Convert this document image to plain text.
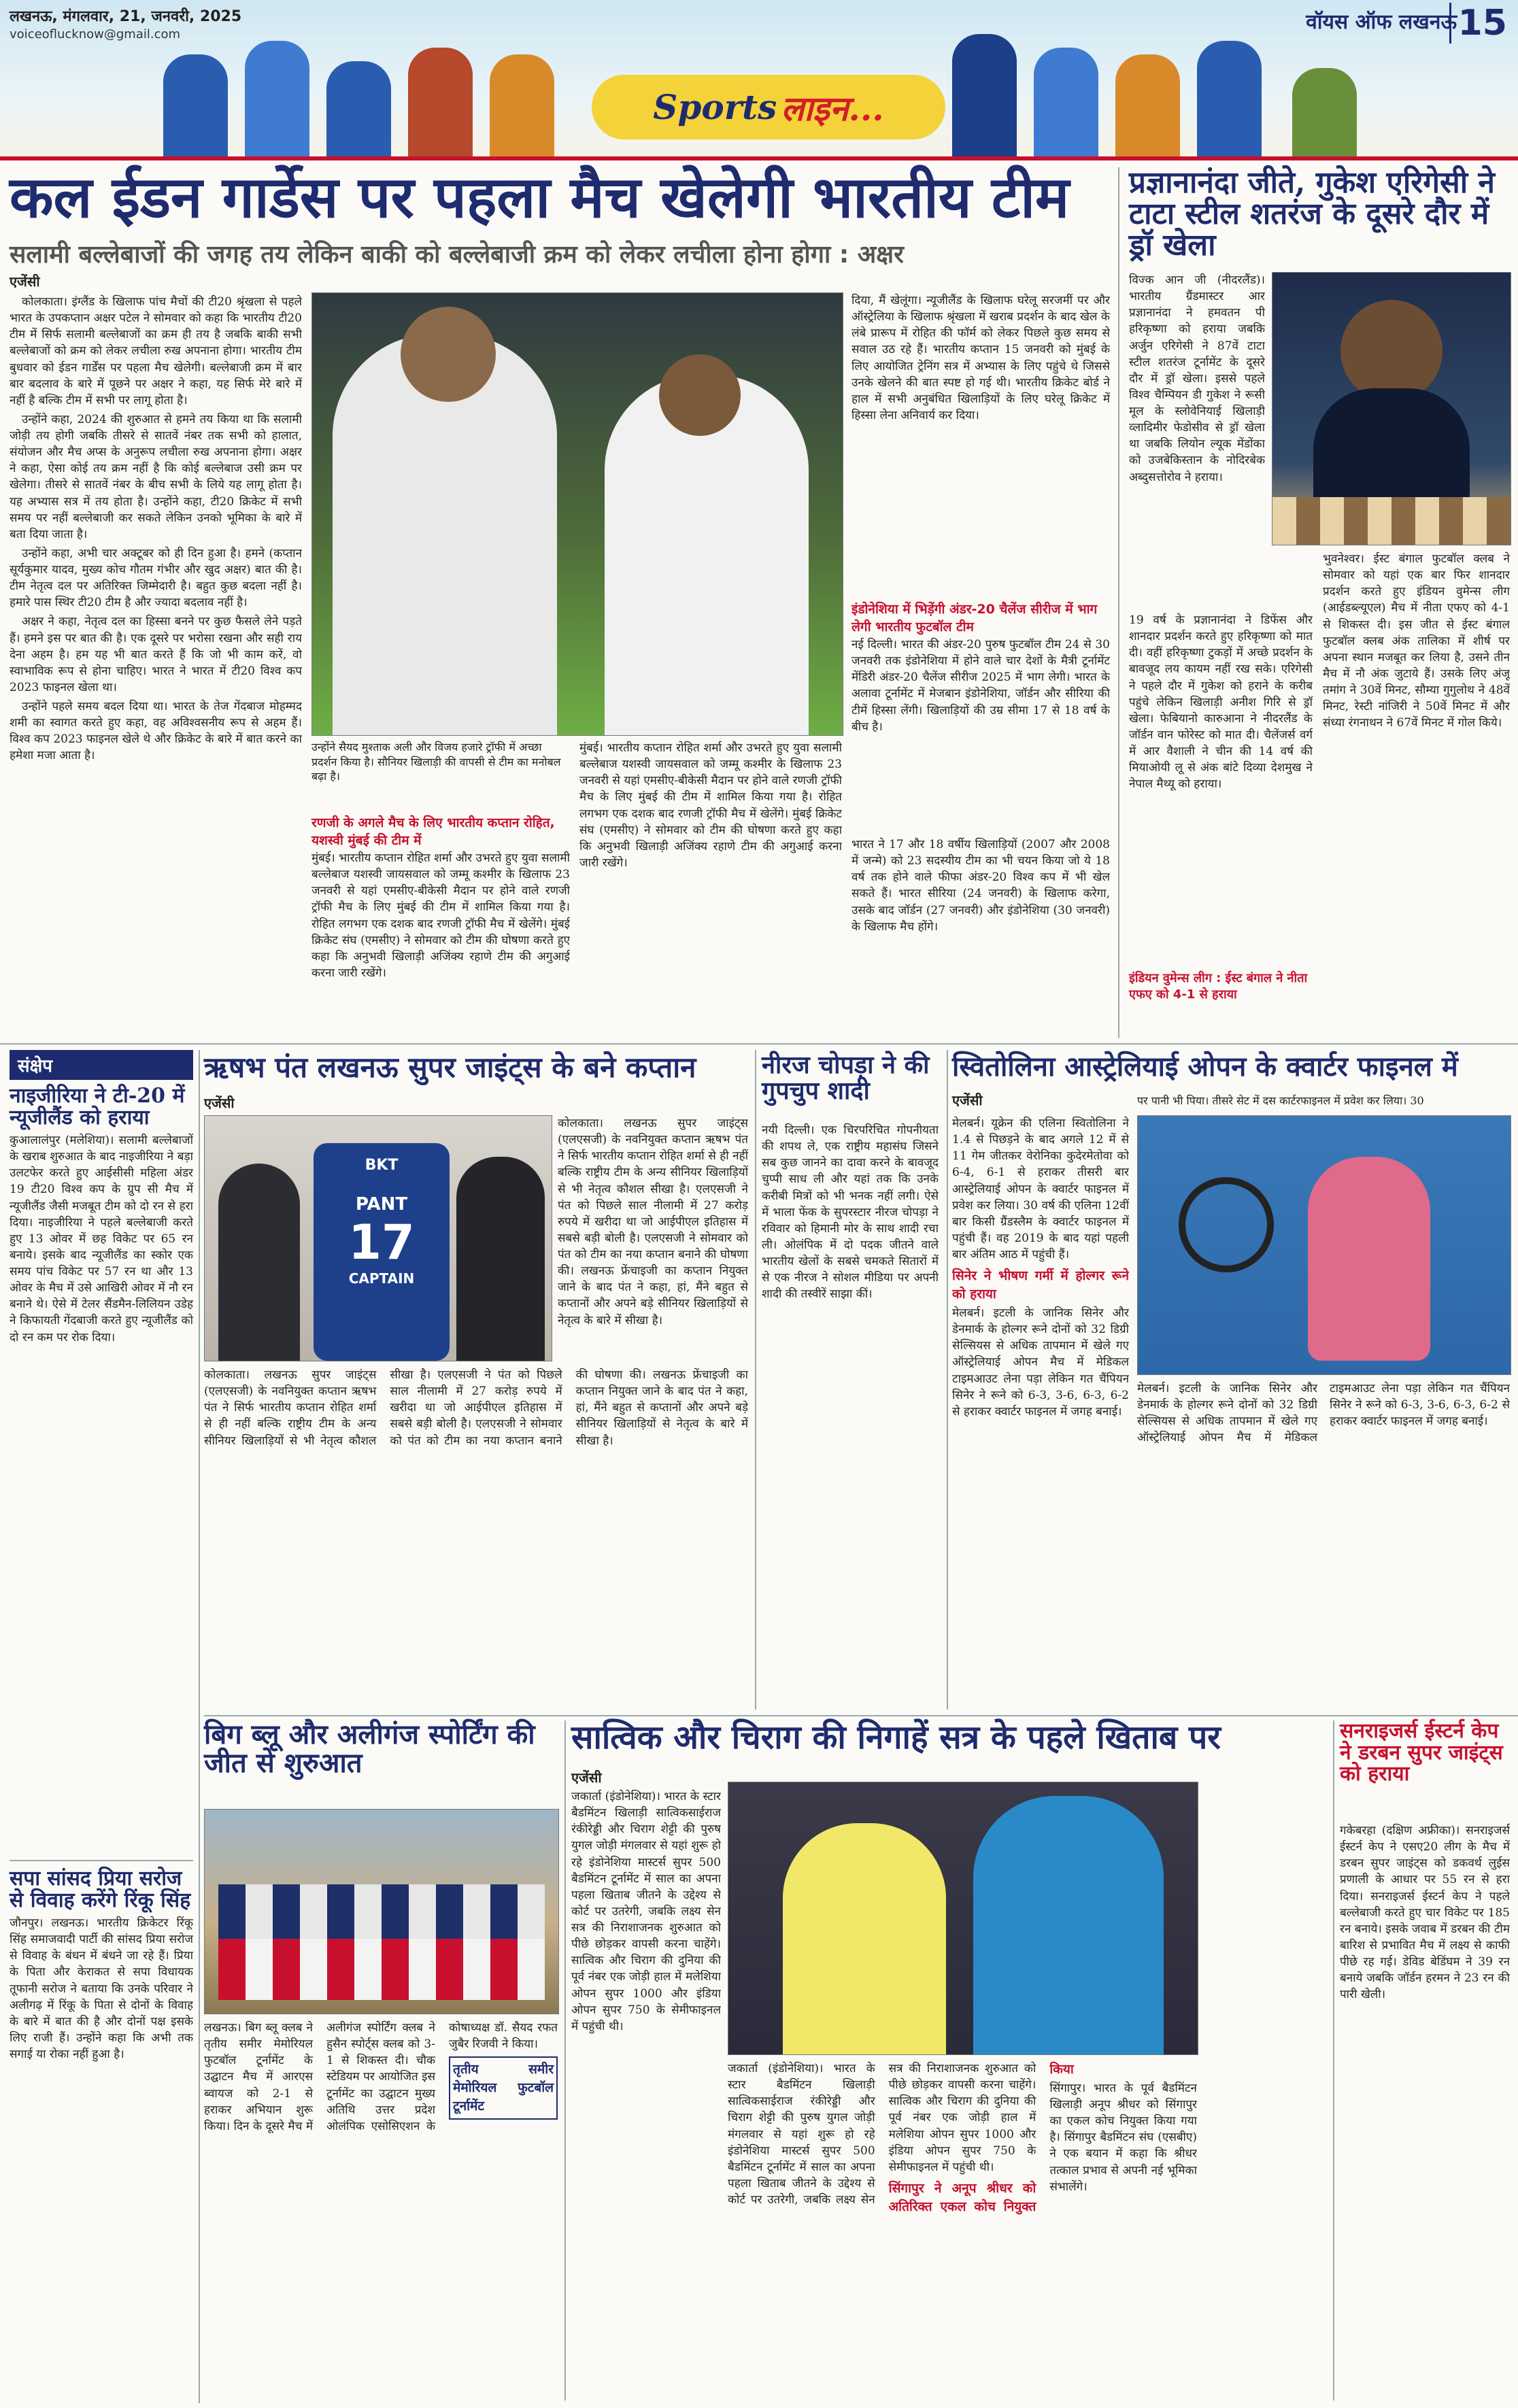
लखनऊ, मंगलवार, 21, जनवरी, 2025
voiceoflucknow@gmail.com
वॉयस ऑफ लखनऊ 15
Sports लाइन...
कल ईडन गार्डेस पर पहला मैच खेलेगी भारतीय टीम
सलामी बल्लेबाजों की जगह तय लेकिन बाकी को बल्लेबाजी क्रम को लेकर लचीला होना होगा : अक्षर
एजेंसी

कोलकाता। इंग्लैंड के खिलाफ पांच मैचों की टी20 श्रृंखला से पहले भारत के उपकप्तान अक्षर पटेल ने सोमवार को कहा कि भारतीय टी20 टीम में सिर्फ सलामी बल्लेबाजों का क्रम ही तय है जबकि बाकी सभी बल्लेबाजों को क्रम को लेकर लचीला रुख अपनाना होगा। भारतीय टीम बुधवार को ईडन गार्डेंस पर पहला मैच खेलेगी। बल्लेबाजी क्रम में बार बार बदलाव के बारे में पूछने पर अक्षर ने कहा, यह सिर्फ मेरे बारे में नहीं है बल्कि टीम में सभी पर लागू होता है।

उन्होंने कहा, 2024 की शुरुआत से हमने तय किया था कि सलामी जोड़ी तय होगी जबकि तीसरे से सातवें नंबर तक सभी को हालात, संयोजन और मैच अप्स के अनुरूप लचीला रुख अपनाना होगा। अक्षर ने कहा, ऐसा कोई तय क्रम नहीं है कि कोई बल्लेबाज उसी क्रम पर खेलेगा। तीसरे से सातवें नंबर के बीच सभी के लिये यह लागू होता है। यह अभ्यास सत्र में तय होता है। उन्होंने कहा, टी20 क्रिकेट में सभी समय पर नहीं बल्लेबाजी कर सकते लेकिन उनको भूमिका के बारे में बता दिया जाता है।

उन्होंने कहा, अभी चार अक्टूबर को ही दिन हुआ है। हमने (कप्तान सूर्यकुमार यादव, मुख्य कोच गौतम गंभीर और खुद अक्षर) बात की है। टीम नेतृत्व दल पर अतिरिक्त जिम्मेदारी है। बहुत कुछ बदला नहीं है। हमारे पास स्थिर टी20 टीम है और ज्यादा बदलाव नहीं है।

अक्षर ने कहा, नेतृत्व दल का हिस्सा बनने पर कुछ फैसले लेने पड़ते हैं। हमने इस पर बात की है। एक दूसरे पर भरोसा रखना और सही राय देना अहम है। हम यह भी बात करते हैं कि जो भी काम करें, वो स्वाभाविक रूप से होना चाहिए। भारत ने भारत में टी20 विश्व कप 2023 फाइनल खेला था।

उन्होंने पहले समय बदल दिया था। भारत के तेज गेंदबाज मोहम्मद शमी का स्वागत करते हुए कहा, वह अविश्वसनीय रूप से अहम हैं। विश्व कप 2023 फाइनल खेले थे और क्रिकेट के बारे में बात करने का हमेशा मजा आता है।

उन्होंने सैयद मुश्ताक अली और विजय हजारे ट्रॉफी में अच्छा प्रदर्शन किया है। सौनियर खिलाड़ी की वापसी से टीम का मनोबल बढ़ा है।
रणजी के अगले मैच के लिए भारतीय कप्तान रोहित, यशस्वी मुंबई की टीम में
मुंबई। भारतीय कप्तान रोहित शर्मा और उभरते हुए युवा सलामी बल्लेबाज यशस्वी जायसवाल को जम्मू कश्मीर के खिलाफ 23 जनवरी से यहां एमसीए-बीकेसी मैदान पर होने वाले रणजी ट्रॉफी मैच के लिए मुंबई की टीम में शामिल किया गया है। रोहित लगभग एक दशक बाद रणजी ट्रॉफी मैच में खेलेंगे। मुंबई क्रिकेट संघ (एमसीए) ने सोमवार को टीम की घोषणा करते हुए कहा कि अनुभवी खिलाड़ी अजिंक्य रहाणे टीम की अगुआई करना जारी रखेंगे।
मुंबई। भारतीय कप्तान रोहित शर्मा और उभरते हुए युवा सलामी बल्लेबाज यशस्वी जायसवाल को जम्मू कश्मीर के खिलाफ 23 जनवरी से यहां एमसीए-बीकेसी मैदान पर होने वाले रणजी ट्रॉफी मैच के लिए मुंबई की टीम में शामिल किया गया है। रोहित लगभग एक दशक बाद रणजी ट्रॉफी मैच में खेलेंगे। मुंबई क्रिकेट संघ (एमसीए) ने सोमवार को टीम की घोषणा करते हुए कहा कि अनुभवी खिलाड़ी अजिंक्य रहाणे टीम की अगुआई करना जारी रखेंगे।
दिया, मैं खेलूंगा। न्यूजीलैंड के खिलाफ घरेलू सरजमीं पर और ऑस्ट्रेलिया के खिलाफ श्रृंखला में खराब प्रदर्शन के बाद खेल के लंबे प्रारूप में रोहित की फॉर्म को लेकर पिछले कुछ समय से सवाल उठ रहे हैं। भारतीय कप्तान 15 जनवरी को मुंबई के लिए आयोजित ट्रेनिंग सत्र में अभ्यास के लिए पहुंचे थे जिससे उनके खेलने की बात स्पष्ट हो गई थी। भारतीय क्रिकेट बोर्ड ने हाल में सभी अनुबंधित खिलाड़ियों के लिए घरेलू क्रिकेट में हिस्सा लेना अनिवार्य कर दिया।
इंडोनेशिया में भिड़ेंगी अंडर-20 चैलेंज सीरीज में भाग लेगी भारतीय फुटबॉल टीम
नई दिल्ली। भारत की अंडर-20 पुरुष फुटबॉल टीम 24 से 30 जनवरी तक इंडोनेशिया में होने वाले चार देशों के मैत्री टूर्नामेंट मेंडिरी अंडर-20 चैलेंज सीरीज 2025 में भाग लेगी। भारत के अलावा टूर्नामेंट में मेजबान इंडोनेशिया, जॉर्डन और सीरिया की टीमें हिस्सा लेंगी। खिलाड़ियों की उम्र सीमा 17 से 18 वर्ष के बीच है।
भारत ने 17 और 18 वर्षीय खिलाड़ियों (2007 और 2008 में जन्मे) को 23 सदस्यीय टीम का भी चयन किया जो ये 18 वर्ष तक होने वाले फीफा अंडर-20 विश्व कप में भी खेल सकते हैं। भारत सीरिया (24 जनवरी) के खिलाफ करेगा, उसके बाद जॉर्डन (27 जनवरी) और इंडोनेशिया (30 जनवरी) के खिलाफ मैच होंगे।
प्रज्ञानानंदा जीते, गुकेश एरिगेसी ने टाटा स्टील शतरंज के दूसरे दौर में ड्रॉ खेला
विज्क आन जी (नीदरलैंड)। भारतीय ग्रैंडमास्टर आर प्रज्ञानानंदा ने हमवतन पी हरिकृष्णा को हराया जबकि अर्जुन एरिगेसी ने 87वें टाटा स्टील शतरंज टूर्नामेंट के दूसरे दौर में ड्रॉ खेला। इससे पहले विश्व चैम्पियन डी गुकेश ने रूसी मूल के स्लोवेनियाई खिलाड़ी व्लादिमीर फेडोसीव से ड्रॉ खेला था जबकि लियोन ल्यूक मेंडोंका को उजबेकिस्तान के नोदिरबेक अब्दुसत्तोरोव ने हराया।
19 वर्ष के प्रज्ञानानंदा ने डिफेंस और शानदार प्रदर्शन करते हुए हरिकृष्णा को मात दी। वहीं हरिकृष्णा टुकड़ों में अच्छे प्रदर्शन के बावजूद लय कायम नहीं रख सके। एरिगेसी ने पहले दौर में गुकेश को हराने के करीब पहुंचे लेकिन खिलाड़ी अनीश गिरि से ड्रॉ खेला। फेबियानो कारुआना ने नीदरलैंड के जॉर्डन वान फोरेस्ट को मात दी। चैलेंजर्स वर्ग में आर वैशाली ने चीन की 14 वर्ष की मियाओयी लू से अंक बांटे दिव्या देशमुख ने नेपाल मैथ्यू को हराया।
इंडियन वुमेन्स लीग : ईस्ट बंगाल ने नीता एफए को 4-1 से हराया
भुवनेश्वर। ईस्ट बंगाल फुटबॉल क्लब ने सोमवार को यहां एक बार फिर शानदार प्रदर्शन करते हुए इंडियन वुमेन्स लीग (आईडब्ल्यूएल) मैच में नीता एफए को 4-1 से शिकस्त दी। इस जीत से ईस्ट बंगाल फुटबॉल क्लब अंक तालिका में शीर्ष पर अपना स्थान मजबूत कर लिया है, उसने तीन मैच में नौ अंक जुटाये हैं। उसके लिए अंजू तमांग ने 30वें मिनट, सौम्या गुगुलोथ ने 48वें मिनट, रेस्टी नांजिरी ने 50वें मिनट में और संध्या रंगनाथन ने 67वें मिनट में गोल किये।
संक्षेप
नाइजीरिया ने टी-20 में न्यूजीलैंड को हराया
कुआलालंपुर (मलेशिया)। सलामी बल्लेबाजों के खराब शुरुआत के बाद नाइजीरिया ने बड़ा उलटफेर करते हुए आईसीसी महिला अंडर 19 टी20 विश्व कप के ग्रुप सी मैच में न्यूजीलैंड जैसी मजबूत टीम को दो रन से हरा दिया। नाइजीरिया ने पहले बल्लेबाजी करते हुए 13 ओवर में छह विकेट पर 65 रन बनाये। इसके बाद न्यूजीलैंड का स्कोर एक समय पांच विकेट पर 57 रन था और 13 ओवर के मैच में उसे आखिरी ओवर में नौ रन बनाने थे। ऐसे में टेलर सैंडमैन-लिलियन उडेह ने किफायती गेंदबाजी करते हुए न्यूजीलैंड को दो रन कम पर रोक दिया।
सपा सांसद प्रिया सरोज से विवाह करेंगे रिंकू सिंह
जौनपुर। लखनऊ। भारतीय क्रिकेटर रिंकू सिंह समाजवादी पार्टी की सांसद प्रिया सरोज से विवाह के बंधन में बंधने जा रहे हैं। प्रिया के पिता और केराकत से सपा विधायक तूफानी सरोज ने बताया कि उनके परिवार ने अलीगढ़ में रिंकू के पिता से दोनों के विवाह के बारे में बात की है और दोनों पक्ष इसके लिए राजी हैं। उन्होंने कहा कि अभी तक सगाई या रोका नहीं हुआ है।
ऋषभ पंत लखनऊ सुपर जाइंट्स के बने कप्तान
एजेंसी
BKT
PANT
17
CAPTAIN
कोलकाता। लखनऊ सुपर जाइंट्स (एलएसजी) के नवनियुक्त कप्तान ऋषभ पंत ने सिर्फ भारतीय कप्तान रोहित शर्मा से ही नहीं बल्कि राष्ट्रीय टीम के अन्य सीनियर खिलाड़ियों से भी नेतृत्व कौशल सीखा है। एलएसजी ने पंत को पिछले साल नीलामी में 27 करोड़ रुपये में खरीदा था जो आईपीएल इतिहास में सबसे बड़ी बोली है। एलएसजी ने सोमवार को पंत को टीम का नया कप्तान बनाने की घोषणा की। लखनऊ फ्रेंचाइजी का कप्तान नियुक्त जाने के बाद पंत ने कहा, हां, मैंने बहुत से कप्तानों और अपने बड़े सीनियर खिलाड़ियों से नेतृत्व के बारे में सीखा है।
कोलकाता। लखनऊ सुपर जाइंट्स (एलएसजी) के नवनियुक्त कप्तान ऋषभ पंत ने सिर्फ भारतीय कप्तान रोहित शर्मा से ही नहीं बल्कि राष्ट्रीय टीम के अन्य सीनियर खिलाड़ियों से भी नेतृत्व कौशल सीखा है। एलएसजी ने पंत को पिछले साल नीलामी में 27 करोड़ रुपये में खरीदा था जो आईपीएल इतिहास में सबसे बड़ी बोली है। एलएसजी ने सोमवार को पंत को टीम का नया कप्तान बनाने की घोषणा की। लखनऊ फ्रेंचाइजी का कप्तान नियुक्त जाने के बाद पंत ने कहा, हां, मैंने बहुत से कप्तानों और अपने बड़े सीनियर खिलाड़ियों से नेतृत्व के बारे में सीखा है।
नीरज चोपड़ा ने की गुपचुप शादी
नयी दिल्ली। एक चिरपरिचित गोपनीयता की शपथ ले, एक राष्ट्रीय महासंघ जिसने सब कुछ जानने का दावा करने के बावजूद चुप्पी साध ली और यहां तक कि उनके करीबी मित्रों को भी भनक नहीं लगी। ऐसे में भाला फेंक के सुपरस्टार नीरज चोपड़ा ने रविवार को हिमानी मोर के साथ शादी रचा ली। ओलंपिक में दो पदक जीतने वाले भारतीय खेलों के सबसे चमकते सितारों में से एक नीरज ने सोशल मीडिया पर अपनी शादी की तस्वीरें साझा कीं।
स्वितोलिना आस्ट्रेलियाई ओपन के क्वार्टर फाइनल में
एजेंसी
मेलबर्न। यूक्रेन की एलिना स्वितोलिना ने 1.4 से पिछड़ने के बाद अगले 12 में से 11 गेम जीतकर वेरोनिका कुदेरमेतोवा को 6-4, 6-1 से हराकर तीसरी बार आस्ट्रेलियाई ओपन के क्वार्टर फाइनल में प्रवेश कर लिया। 30 वर्ष की एलिना 12वीं बार किसी ग्रैंडस्लैम के क्वार्टर फाइनल में पहुंची हैं। वह 2019 के बाद यहां पहली बार अंतिम आठ में पहुंची हैं।
सिनेर ने भीषण गर्मी में होल्गर रूने को हराया
मेलबर्न। इटली के जानिक सिनेर और डेनमार्क के होल्गर रूने दोनों को 32 डिग्री सेल्सियस से अधिक तापमान में खेले गए ऑस्ट्रेलियाई ओपन मैच में मेडिकल टाइमआउट लेना पड़ा लेकिन गत चैंपियन सिनेर ने रूने को 6-3, 3-6, 6-3, 6-2 से हराकर क्वार्टर फाइनल में जगह बनाई।
पर पानी भी पिया। तीसरे सेट में दस कार्टरफाइनल में प्रवेश कर लिया। 30
मेलबर्न। इटली के जानिक सिनेर और डेनमार्क के होल्गर रूने दोनों को 32 डिग्री सेल्सियस से अधिक तापमान में खेले गए ऑस्ट्रेलियाई ओपन मैच में मेडिकल टाइमआउट लेना पड़ा लेकिन गत चैंपियन सिनेर ने रूने को 6-3, 3-6, 6-3, 6-2 से हराकर क्वार्टर फाइनल में जगह बनाई।
बिग ब्लू और अलीगंज स्पोर्टिंग की जीत से शुरुआत
लखनऊ। बिग ब्लू क्लब ने तृतीय समीर मेमोरियल फुटबॉल टूर्नामेंट के उद्घाटन मैच में आरएस ब्वायज को 2-1 से हराकर अभियान शुरू किया। दिन के दूसरे मैच में अलीगंज स्पोर्टिंग क्लब ने हुसैन स्पोर्ट्स क्लब को 3-1 से शिकस्त दी। चौक स्टेडियम पर आयोजित इस टूर्नामेंट का उद्घाटन मुख्य अतिथि उत्तर प्रदेश ओलंपिक एसोसिएशन के कोषाध्यक्ष डॉ. सैयद रफत जुबैर रिजवी ने किया।
तृतीय समीर मेमोरियल फुटबॉल टूर्नामेंट
सात्विक और चिराग की निगाहें सत्र के पहले खिताब पर
एजेंसी
जकार्ता (इंडोनेशिया)। भारत के स्टार बैडमिंटन खिलाड़ी सात्विकसाईराज रंकीरेड्डी और चिराग शेट्टी की पुरुष युगल जोड़ी मंगलवार से यहां शुरू हो रहे इंडोनेशिया मास्टर्स सुपर 500 बैडमिंटन टूर्नामेंट में साल का अपना पहला खिताब जीतने के उद्देश्य से कोर्ट पर उतरेगी, जबकि लक्ष्य सेन सत्र की निराशाजनक शुरुआत को पीछे छोड़कर वापसी करना चाहेंगे। सात्विक और चिराग की दुनिया की पूर्व नंबर एक जोड़ी हाल में मलेशिया ओपन सुपर 1000 और इंडिया ओपन सुपर 750 के सेमीफाइनल में पहुंची थी।
जकार्ता (इंडोनेशिया)। भारत के स्टार बैडमिंटन खिलाड़ी सात्विकसाईराज रंकीरेड्डी और चिराग शेट्टी की पुरुष युगल जोड़ी मंगलवार से यहां शुरू हो रहे इंडोनेशिया मास्टर्स सुपर 500 बैडमिंटन टूर्नामेंट में साल का अपना पहला खिताब जीतने के उद्देश्य से कोर्ट पर उतरेगी, जबकि लक्ष्य सेन सत्र की निराशाजनक शुरुआत को पीछे छोड़कर वापसी करना चाहेंगे। सात्विक और चिराग की दुनिया की पूर्व नंबर एक जोड़ी हाल में मलेशिया ओपन सुपर 1000 और इंडिया ओपन सुपर 750 के सेमीफाइनल में पहुंची थी।
सिंगापुर ने अनूप श्रीधर को अतिरिक्त एकल कोच नियुक्त किया
सिंगापुर। भारत के पूर्व बैडमिंटन खिलाड़ी अनूप श्रीधर को सिंगापुर का एकल कोच नियुक्त किया गया है। सिंगापुर बैडमिंटन संघ (एसबीए) ने एक बयान में कहा कि श्रीधर तत्काल प्रभाव से अपनी नई भूमिका संभालेंगे।
सनराइजर्स ईस्टर्न केप ने डरबन सुपर जाइंट्स को हराया
गकेबरहा (दक्षिण अफ्रीका)। सनराइजर्स ईस्टर्न केप ने एसए20 लीग के मैच में डरबन सुपर जाइंट्स को डकवर्थ लुईस प्रणाली के आधार पर 55 रन से हरा दिया। सनराइजर्स ईस्टर्न केप ने पहले बल्लेबाजी करते हुए चार विकेट पर 185 रन बनाये। इसके जवाब में डरबन की टीम बारिश से प्रभावित मैच में लक्ष्य से काफी पीछे रह गई। डेविड बेडिंघम ने 39 रन बनाये जबकि जॉर्डन हरमन ने 23 रन की पारी खेली।
